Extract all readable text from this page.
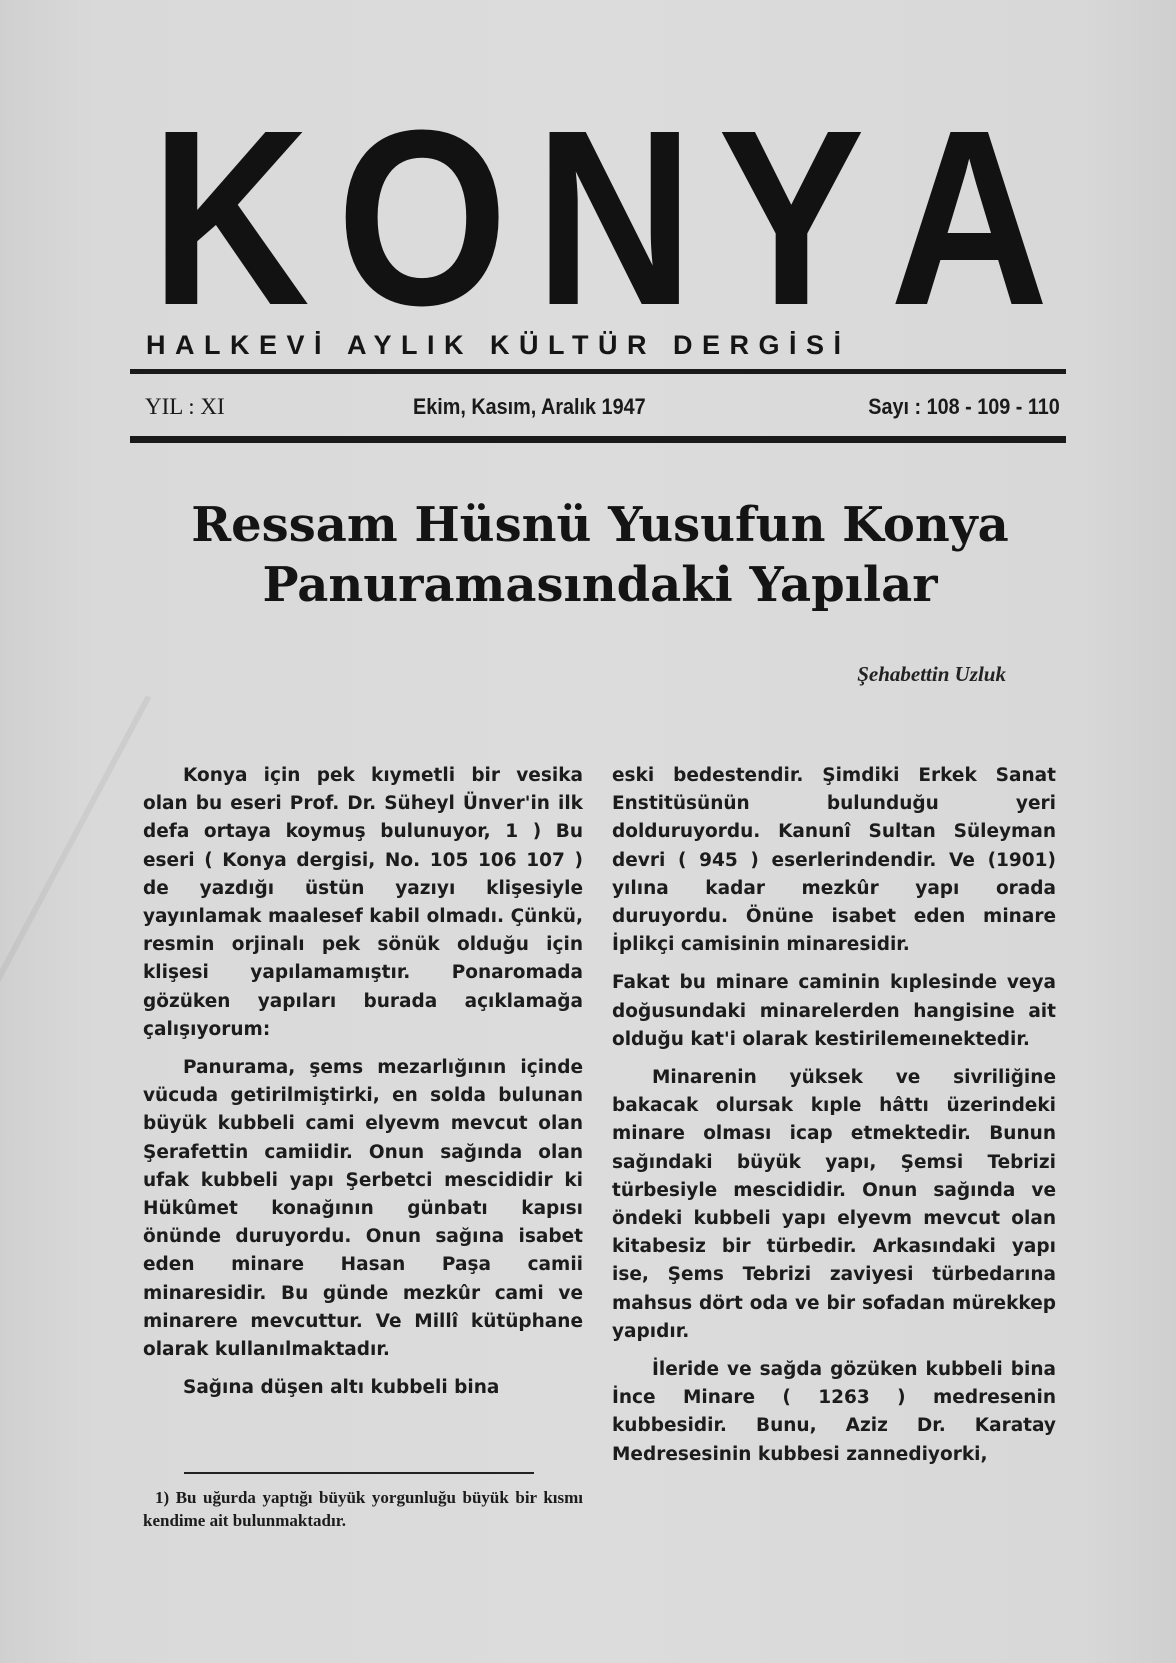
K O N Y A
HALKEVİ AYLIK KÜLTÜR DERGİSİ
YIL : XI	Ekim, Kasım, Aralık 1947	Sayı : 108 - 109 - 110
Ressam Hüsnü Yusufun Konya
Panuramasındaki Yapılar
Şehabettin Uzluk

Konya için pek kıymetli bir vesika olan bu eseri Prof. Dr. Süheyl Ünver'in ilk defa ortaya koymuş bulunuyor, 1 ) Bu eseri ( Konya dergisi, No. 105 106 107 ) de yazdığı üstün yazıyı klişesiyle yayınlamak maalesef kabil olmadı. Çünkü, resmin orjinalı pek sönük olduğu için klişesi yapılamamıştır. Ponaromada gözüken yapıları burada açıklamağa çalışıyorum:

Panurama, şems mezarlığının içinde vücuda getirilmiştirki, en solda bulunan büyük kubbeli cami elyevm mevcut olan Şerafettin camiidir. Onun sağında olan ufak kubbeli yapı Şerbetci mescididir ki Hükûmet konağının günbatı kapısı önünde duruyordu. Onun sağına isabet eden minare Hasan Paşa camii minaresidir. Bu günde mezkûr cami ve minarere mevcuttur. Ve Millî kütüphane olarak kullanılmaktadır.

Sağına düşen altı kubbeli bina

eski bedestendir. Şimdiki Erkek Sanat Enstitüsünün bulunduğu yeri dolduruyordu. Kanunî Sultan Süleyman devri ( 945 ) eserlerindendir. Ve (1901) yılına kadar mezkûr yapı orada duruyordu. Önüne isabet eden minare İplikçi camisinin minaresidir.

Fakat bu minare caminin kıplesinde veya doğusundaki minarelerden hangisine ait olduğu kat'i olarak kestirilemeınektedir.

Minarenin yüksek ve sivriliğine bakacak olursak kıple hâttı üzerindeki minare olması icap etmektedir. Bunun sağındaki büyük yapı, Şemsi Tebrizi türbesiyle mescididir. Onun sağında ve öndeki kubbeli yapı elyevm mevcut olan kitabesiz bir türbedir. Arkasındaki yapı ise, Şems Tebrizi zaviyesi türbedarına mahsus dört oda ve bir sofadan mürekkep yapıdır.

İleride ve sağda gözüken kubbeli bina İnce Minare ( 1263 ) medresenin kubbesidir. Bunu, Aziz Dr. Karatay Medresesinin kubbesi zannediyorki,

1) Bu uğurda yaptığı büyük yorgunluğu büyük bir kısmı kendime ait bulunmaktadır.
